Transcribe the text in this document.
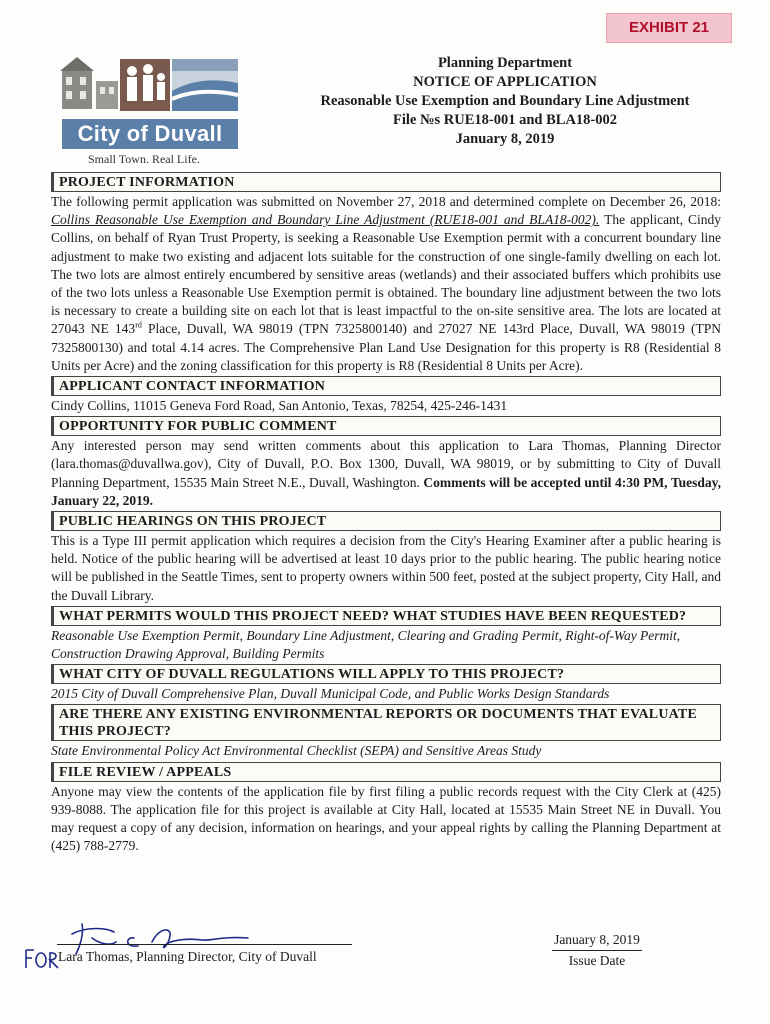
EXHIBIT 21
City of Duvall
Small Town. Real Life.
Planning Department
NOTICE OF APPLICATION
Reasonable Use Exemption and Boundary Line Adjustment
File №s RUE18-001 and BLA18-002
January 8, 2019
PROJECT INFORMATION
The following permit application was submitted on November 27, 2018 and determined complete on December 26, 2018: Collins Reasonable Use Exemption and Boundary Line Adjustment (RUE18-001 and BLA18-002). The applicant, Cindy Collins, on behalf of Ryan Trust Property, is seeking a Reasonable Use Exemption permit with a concurrent boundary line adjustment to make two existing and adjacent lots suitable for the construction of one single-family dwelling on each lot. The two lots are almost entirely encumbered by sensitive areas (wetlands) and their associated buffers which prohibits use of the two lots unless a Reasonable Use Exemption permit is obtained. The boundary line adjustment between the two lots is necessary to create a building site on each lot that is least impactful to the on-site sensitive area. The lots are located at 27043 NE 143rd Place, Duvall, WA 98019 (TPN 7325800140) and 27027 NE 143rd Place, Duvall, WA 98019 (TPN 7325800130) and total 4.14 acres. The Comprehensive Plan Land Use Designation for this property is R8 (Residential 8 Units per Acre) and the zoning classification for this property is R8 (Residential 8 Units per Acre).
APPLICANT CONTACT INFORMATION
Cindy Collins, 11015 Geneva Ford Road, San Antonio, Texas, 78254, 425-246-1431
OPPORTUNITY FOR PUBLIC COMMENT
Any interested person may send written comments about this application to Lara Thomas, Planning Director (lara.thomas@duvallwa.gov), City of Duvall, P.O. Box 1300, Duvall, WA 98019, or by submitting to City of Duvall Planning Department, 15535 Main Street N.E., Duvall, Washington. Comments will be accepted until 4:30 PM, Tuesday, January 22, 2019.
PUBLIC HEARINGS ON THIS PROJECT
This is a Type III permit application which requires a decision from the City's Hearing Examiner after a public hearing is held. Notice of the public hearing will be advertised at least 10 days prior to the public hearing. The public hearing notice will be published in the Seattle Times, sent to property owners within 500 feet, posted at the subject property, City Hall, and the Duvall Library.
WHAT PERMITS WOULD THIS PROJECT NEED? WHAT STUDIES HAVE BEEN REQUESTED?
Reasonable Use Exemption Permit, Boundary Line Adjustment, Clearing and Grading Permit, Right-of-Way Permit, Construction Drawing Approval, Building Permits
WHAT CITY OF DUVALL REGULATIONS WILL APPLY TO THIS PROJECT?
2015 City of Duvall Comprehensive Plan, Duvall Municipal Code, and Public Works Design Standards
ARE THERE ANY EXISTING ENVIRONMENTAL REPORTS OR DOCUMENTS THAT EVALUATE THIS PROJECT?
State Environmental Policy Act Environmental Checklist (SEPA) and Sensitive Areas Study
FILE REVIEW / APPEALS
Anyone may view the contents of the application file by first filing a public records request with the City Clerk at (425) 939-8088. The application file for this project is available at City Hall, located at 15535 Main Street NE in Duvall. You may request a copy of any decision, information on hearings, and your appeal rights by calling the Planning Department at (425) 788-2779.
Lara Thomas, Planning Director, City of Duvall
January 8, 2019
Issue Date
